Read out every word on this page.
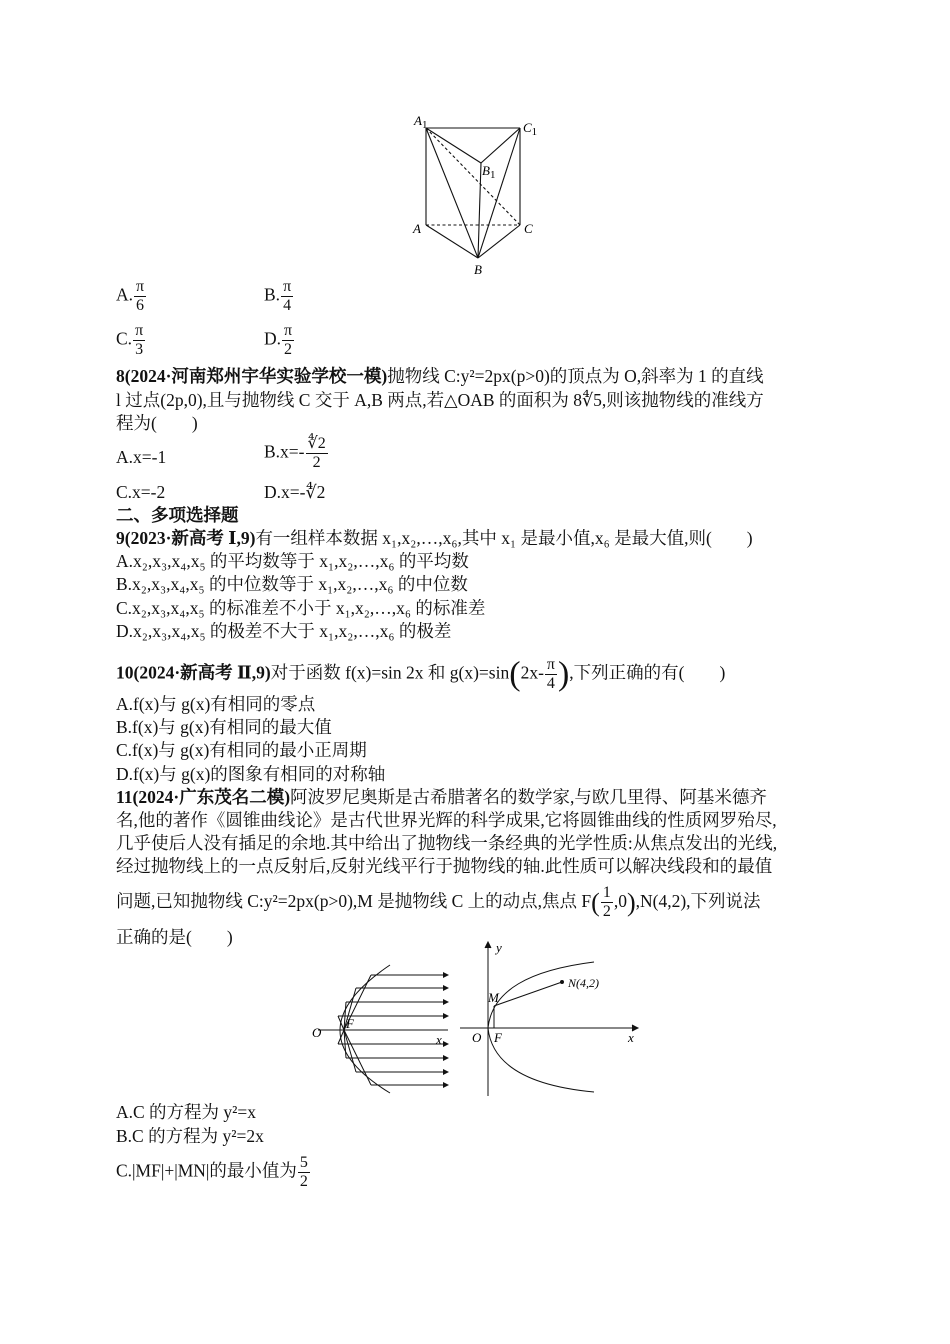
$A_1$	$C_1$
$B_1$
A	C
B
A. $\frac{\pi}{6}$	B. $\frac{\pi}{4}$
C. $\frac{\pi}{3}$	D. $\frac{\pi}{2}$
8(2024·河南郑州宇华实验学校一模)抛物线 C:y²=2px(p>0)的顶点为 O,斜率为 1 的直线
l 过点(2p,0),且与抛物线 C 交于 A,B 两点,若△OAB 的面积为 8∜5,则该抛物线的准线方
程为(　　)
A.x=-1	$B.x=- \frac{∜2}{2}$
C.x=-2	D.x=-∜2
二、多项选择题
9(2023·新高考 Ⅰ,9)有一组样本数据 x₁,x₂,…,x₆,其中 x₁ 是最小值,x₆ 是最大值,则(　　)
A.x₂,x₃,x₄,x₅ 的平均数等于 x₁,x₂,…,x₆ 的平均数
B.x₂,x₃,x₄,x₅ 的中位数等于 x₁,x₂,…,x₆ 的中位数
C.x₂,x₃,x₄,x₅ 的标准差不小于 x₁,x₂,…,x₆ 的标准差
D.x₂,x₃,x₄,x₅ 的极差不大于 x₁,x₂,…,x₆ 的极差
10(2024·新高考 Ⅱ,9)对于函数 f(x)=sin 2x 和 $g(x)=\sin(2x- \frac{\pi}{4}$ ),下列正确的有(　　)
A.f(x)与 g(x)有相同的零点
B.f(x)与 g(x)有相同的最大值
C.f(x)与 g(x)有相同的最小正周期
D.f(x)与 g(x)的图象有相同的对称轴
11(2024·广东茂名二模)阿波罗尼奥斯是古希腊著名的数学家,与欧几里得、阿基米德齐
名,他的著作《圆锥曲线论》是古代世界光辉的科学成果,它将圆锥曲线的性质网罗殆尽,
几乎使后人没有插足的余地.其中给出了抛物线一条经典的光学性质:从焦点发出的光线,
经过抛物线上的一点反射后,反射光线平行于抛物线的轴.此性质可以解决线段和的最值
问题,已知抛物线 C:y²=2px(p>0),M 是抛物线 C 上的动点,焦点 $F( \frac{1}{2} ,0),N(4,2)$,下列说法
正确的是(　　)
O
F
x
y
M
N(4,2)
O F	x
A.C 的方程为 y²=x
B.C 的方程为 y²=2x
C.|MF|+|MN|的最小值为 $\frac{5}{2}$
